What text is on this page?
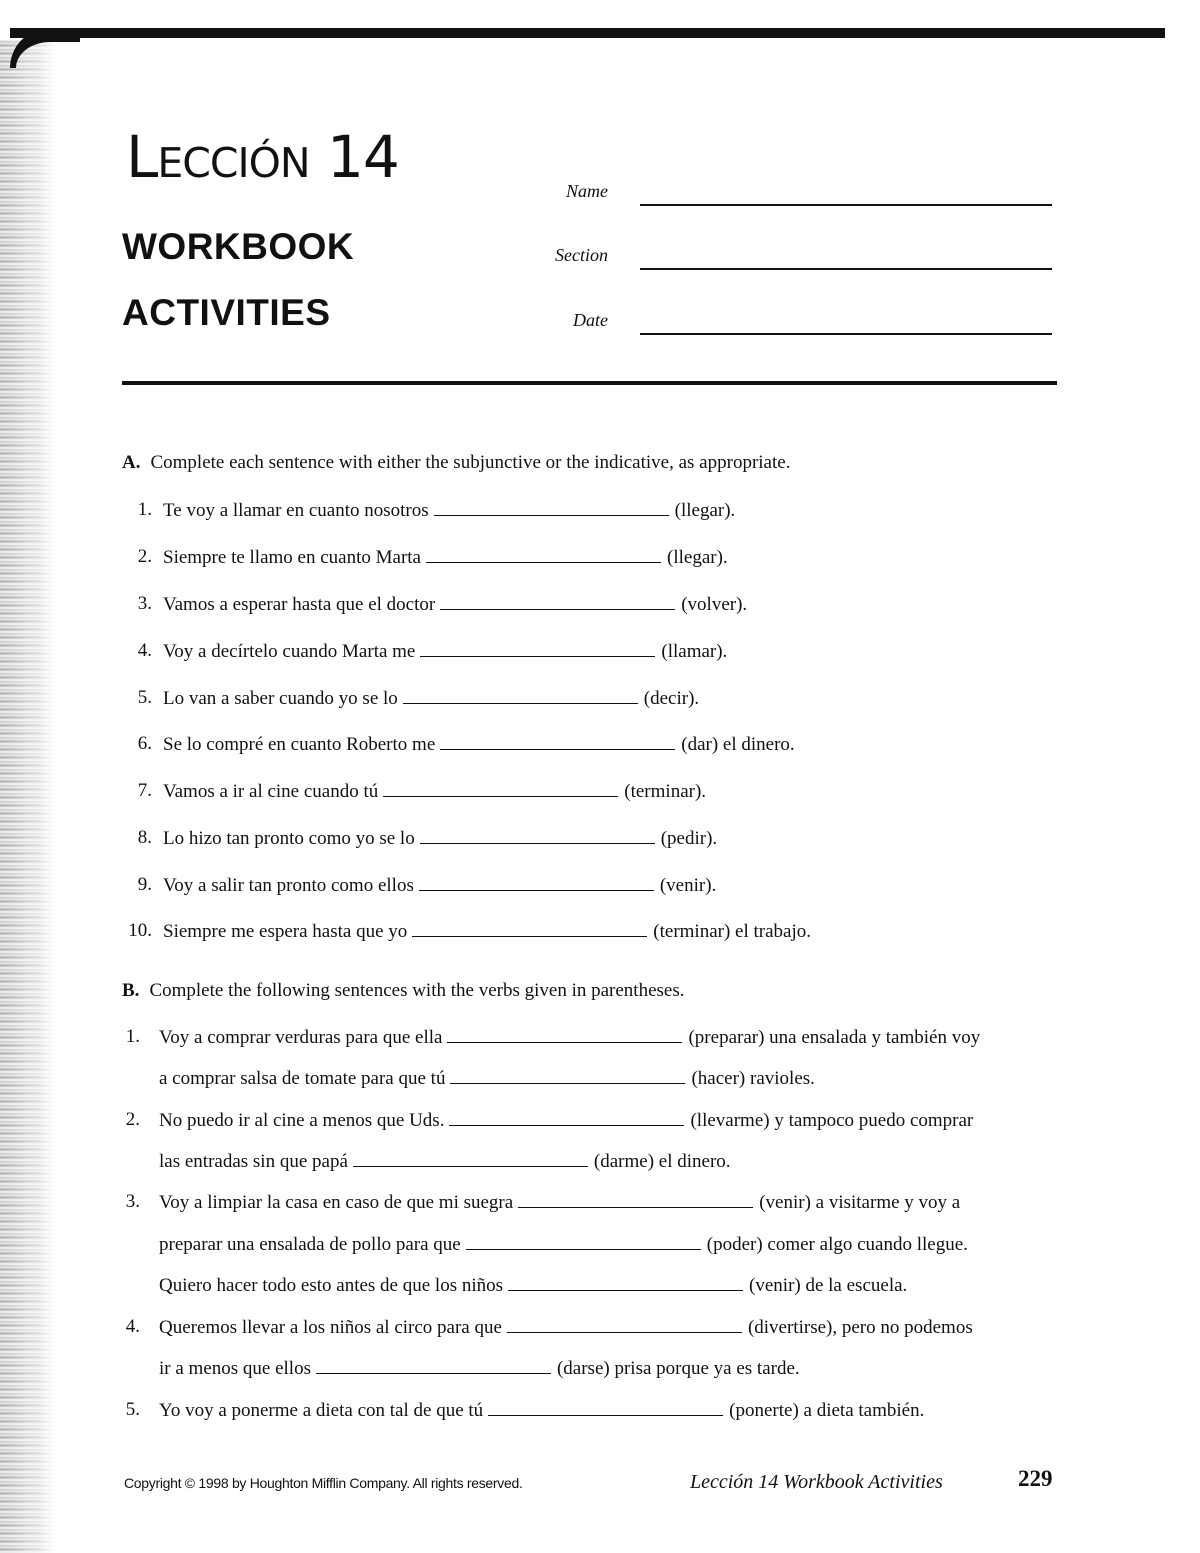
Lección 14
WORKBOOK
ACTIVITIES
Name
Section
Date
A. Complete each sentence with either the subjunctive or the indicative, as appropriate.
1. Te voy a llamar en cuanto nosotros	(llegar).
2. Siempre te llamo en cuanto Marta	(llegar).
3. Vamos a esperar hasta que el doctor	(volver).
4. Voy a decírtelo cuando Marta me	(llamar).
5. Lo van a saber cuando yo se lo	(decir).
6. Se lo compré en cuanto Roberto me	(dar) el dinero.
7. Vamos a ir al cine cuando tú	(terminar).
8. Lo hizo tan pronto como yo se lo	(pedir).
9. Voy a salir tan pronto como ellos	(venir).
10. Siempre me espera hasta que yo	(terminar) el trabajo.
B. Complete the following sentences with the verbs given in parentheses.
1. Voy a comprar verduras para que ella	(preparar) una ensalada y también voy
a comprar salsa de tomate para que tú	(hacer) ravioles.
2. No puedo ir al cine a menos que Uds.	(llevarme) y tampoco puedo comprar
las entradas sin que papá	(darme) el dinero.
3. Voy a limpiar la casa en caso de que mi suegra	(venir) a visitarme y voy a
preparar una ensalada de pollo para que	(poder) comer algo cuando llegue.
Quiero hacer todo esto antes de que los niños	(venir) de la escuela.
4. Queremos llevar a los niños al circo para que	(divertirse), pero no podemos
ir a menos que ellos	(darse) prisa porque ya es tarde.
5. Yo voy a ponerme a dieta con tal de que tú	(ponerte) a dieta también.
Copyright © 1998 by Houghton Mifflin Company. All rights reserved.	Lección 14 Workbook Activities	229
